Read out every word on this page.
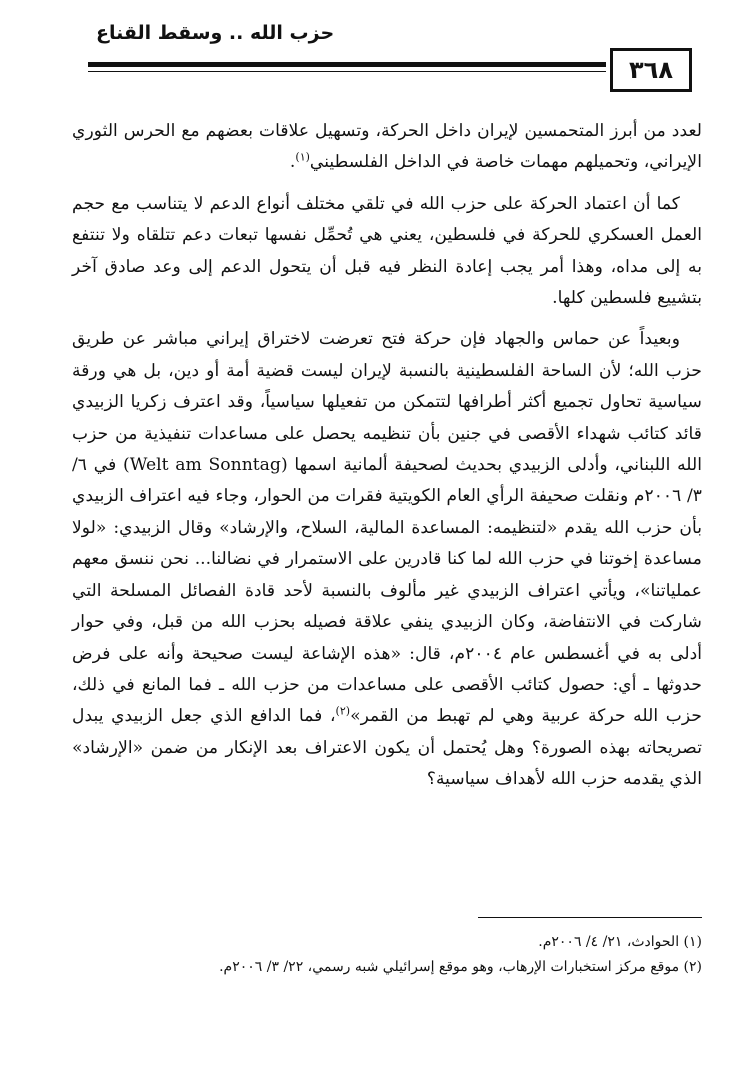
حزب الله .. وسقط القناع
٣٦٨

لعدد من أبرز المتحمسين لإيران داخل الحركة، وتسهيل علاقات بعضهم مع الحرس الثوري الإيراني، وتحميلهم مهمات خاصة في الداخل الفلسطيني$^{(١)}$.

كما أن اعتماد الحركة على حزب الله في تلقي مختلف أنواع الدعم لا يتناسب مع حجم العمل العسكري للحركة في فلسطين، يعني هي تُحمِّل نفسها تبعات دعم تتلقاه ولا تنتفع به إلى مداه، وهذا أمر يجب إعادة النظر فيه قبل أن يتحول الدعم إلى وعد صادق آخر بتشييع فلسطين كلها.

وبعيداً عن حماس والجهاد فإن حركة فتح تعرضت لاختراق إيراني مباشر عن طريق حزب الله؛ لأن الساحة الفلسطينية بالنسبة لإيران ليست قضية أمة أو دين، بل هي ورقة سياسية تحاول تجميع أكثر أطرافها لتتمكن من تفعيلها سياسياً، وقد اعترف زكريا الزبيدي قائد كتائب شهداء الأقصى في جنين بأن تنظيمه يحصل على مساعدات تنفيذية من حزب الله اللبناني، وأدلى الزبيدي بحديث لصحيفة ألمانية اسمها (Welt am Sonntag) في ٦/ ٣/ ٢٠٠٦م ونقلت صحيفة الرأي العام الكويتية فقرات من الحوار، وجاء فيه اعتراف الزبيدي بأن حزب الله يقدم «لتنظيمه: المساعدة المالية، السلاح، والإرشاد» وقال الزبيدي: «لولا مساعدة إخوتنا في حزب الله لما كنا قادرين على الاستمرار في نضالنا... نحن ننسق معهم عملياتنا»، ويأتي اعتراف الزبيدي غير مألوف بالنسبة لأحد قادة الفصائل المسلحة التي شاركت في الانتفاضة، وكان الزبيدي ينفي علاقة فصيله بحزب الله من قبل، وفي حوار أدلى به في أغسطس عام ٢٠٠٤م، قال: «هذه الإشاعة ليست صحيحة وأنه على فرض حدوثها ـ أي: حصول كتائب الأقصى على مساعدات من حزب الله ـ فما المانع في ذلك، حزب الله حركة عربية وهي لم تهبط من القمر»$^{(٢)}$، فما الدافع الذي جعل الزبيدي يبدل تصريحاته بهذه الصورة؟ وهل يُحتمل أن يكون الاعتراف بعد الإنكار من ضمن «الإرشاد» الذي يقدمه حزب الله لأهداف سياسية؟

(١) الحوادث، ٢١/ ٤/ ٢٠٠٦م.

(٢) موقع مركز استخبارات الإرهاب، وهو موقع إسرائيلي شبه رسمي، ٢٢/ ٣/ ٢٠٠٦م.
